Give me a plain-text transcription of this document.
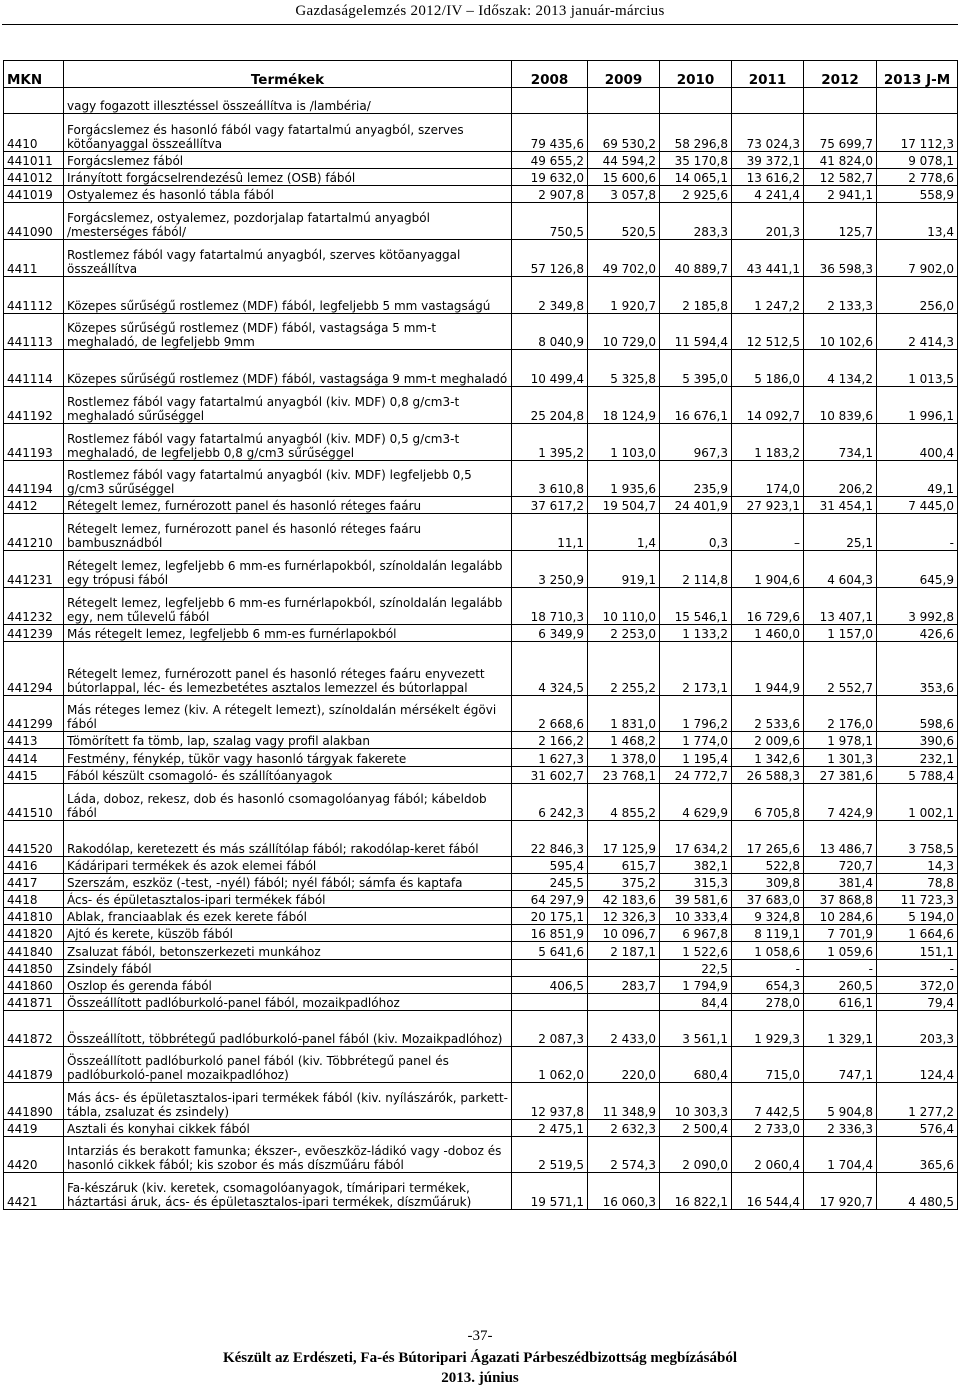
Gazdaságelemzés 2012/IV – Időszak: 2013 január-március
MKN	Termékek	2008	2009	2010	2011	2012	2013 J-M
	vagy fogazott illesztéssel összeállítva is /lambéria/						
4410	Forgácslemez és hasonló fából vagy fatartalmú anyagból, szerves kötőanyaggal összeállítva	79 435,6	69 530,2	58 296,8	73 024,3	75 699,7	17 112,3
441011	Forgácslemez fából	49 655,2	44 594,2	35 170,8	39 372,1	41 824,0	9 078,1
441012	Irányított forgácselrendezésû lemez (OSB) fából	19 632,0	15 600,6	14 065,1	13 616,2	12 582,7	2 778,6
441019	Ostyalemez és hasonló tábla fából	2 907,8	3 057,8	2 925,6	4 241,4	2 941,1	558,9
441090	Forgácslemez, ostyalemez, pozdorjalap fatartalmú anyagból /mesterséges fából/	750,5	520,5	283,3	201,3	125,7	13,4
4411	Rostlemez fából vagy fatartalmú anyagból, szerves kötõanyaggal összeállítva	57 126,8	49 702,0	40 889,7	43 441,1	36 598,3	7 902,0
441112	Közepes sűrűségű rostlemez (MDF) fából, legfeljebb 5 mm vastagságú	2 349,8	1 920,7	2 185,8	1 247,2	2 133,3	256,0
441113	Közepes sűrűségű rostlemez (MDF) fából, vastagsága 5 mm-t meghaladó, de legfeljebb 9mm	8 040,9	10 729,0	11 594,4	12 512,5	10 102,6	2 414,3
441114	Közepes sűrűségű rostlemez (MDF) fából, vastagsága 9 mm-t meghaladó	10 499,4	5 325,8	5 395,0	5 186,0	4 134,2	1 013,5
441192	Rostlemez fából vagy fatartalmú anyagból (kiv. MDF) 0,8 g/cm3-t meghaladó sűrűséggel	25 204,8	18 124,9	16 676,1	14 092,7	10 839,6	1 996,1
441193	Rostlemez fából vagy fatartalmú anyagból (kiv. MDF) 0,5 g/cm3-t meghaladó, de legfeljebb 0,8 g/cm3 sűrűséggel	1 395,2	1 103,0	967,3	1 183,2	734,1	400,4
441194	Rostlemez fából vagy fatartalmú anyagból (kiv. MDF) legfeljebb 0,5 g/cm3 sűrűséggel	3 610,8	1 935,6	235,9	174,0	206,2	49,1
4412	Rétegelt lemez, furnérozott panel és hasonló réteges faáru	37 617,2	19 504,7	24 401,9	27 923,1	31 454,1	7 445,0
441210	Rétegelt lemez, furnérozott panel és hasonló réteges faáru bambusznádból	11,1	1,4	0,3	–	25,1	-
441231	Rétegelt lemez, legfeljebb 6 mm-es furnérlapokból, színoldalán legalább egy trópusi fából	3 250,9	919,1	2 114,8	1 904,6	4 604,3	645,9
441232	Rétegelt lemez, legfeljebb 6 mm-es furnérlapokból, színoldalán legalább egy, nem tűlevelű fából	18 710,3	10 110,0	15 546,1	16 729,6	13 407,1	3 992,8
441239	Más rétegelt lemez, legfeljebb 6 mm-es furnérlapokból	6 349,9	2 253,0	1 133,2	1 460,0	1 157,0	426,6
441294	Rétegelt lemez, furnérozott panel és hasonló réteges faáru enyvezett bútorlappal, léc- és lemezbetétes asztalos lemezzel és bútorlappal	4 324,5	2 255,2	2 173,1	1 944,9	2 552,7	353,6
441299	Más réteges lemez (kiv. A rétegelt lemezt), színoldalán mérsékelt égövi fából	2 668,6	1 831,0	1 796,2	2 533,6	2 176,0	598,6
4413	Tömörített fa tömb, lap, szalag vagy profil alakban	2 166,2	1 468,2	1 774,0	2 009,6	1 978,1	390,6
4414	Festmény, fénykép, tükör vagy hasonló tárgyak fakerete	1 627,3	1 378,0	1 195,4	1 342,6	1 301,3	232,1
4415	Fából készült csomagoló- és szállítóanyagok	31 602,7	23 768,1	24 772,7	26 588,3	27 381,6	5 788,4
441510	Láda, doboz, rekesz, dob és hasonló csomagolóanyag fából; kábeldob fából	6 242,3	4 855,2	4 629,9	6 705,8	7 424,9	1 002,1
441520	Rakodólap, keretezett és más szállítólap fából; rakodólap-keret fából	22 846,3	17 125,9	17 634,2	17 265,6	13 486,7	3 758,5
4416	Kádáripari termékek és azok elemei fából	595,4	615,7	382,1	522,8	720,7	14,3
4417	Szerszám, eszköz (-test, -nyél) fából; nyél fából; sámfa és kaptafa	245,5	375,2	315,3	309,8	381,4	78,8
4418	Ács- és épületasztalos-ipari termékek fából	64 297,9	42 183,6	39 581,6	37 683,0	37 868,8	11 723,3
441810	Ablak, franciaablak és ezek kerete fából	20 175,1	12 326,3	10 333,4	9 324,8	10 284,6	5 194,0
441820	Ajtó és kerete, küszöb fából	16 851,9	10 096,7	6 967,8	8 119,1	7 701,9	1 664,6
441840	Zsaluzat fából, betonszerkezeti munkához	5 641,6	2 187,1	1 522,6	1 058,6	1 059,6	151,1
441850	Zsindely fából			22,5	-	-	-
441860	Oszlop és gerenda fából	406,5	283,7	1 794,9	654,3	260,5	372,0
441871	Összeállított padlóburkoló-panel fából, mozaikpadlóhoz			84,4	278,0	616,1	79,4
441872	Összeállított, többrétegű padlóburkoló-panel fából (kiv. Mozaikpadlóhoz)	2 087,3	2 433,0	3 561,1	1 929,3	1 329,1	203,3
441879	Összeállított padlóburkoló panel fából (kiv. Többrétegű panel és padlóburkoló-panel mozaikpadlóhoz)	1 062,0	220,0	680,4	715,0	747,1	124,4
441890	Más ács- és épületasztalos-ipari termékek fából (kiv. nyílászárók, parkett-tábla, zsaluzat és zsindely)	12 937,8	11 348,9	10 303,3	7 442,5	5 904,8	1 277,2
4419	Asztali és konyhai cikkek fából	2 475,1	2 632,3	2 500,4	2 733,0	2 336,3	576,4
4420	Intarziás és berakott famunka; ékszer-, evõeszköz-ládikó vagy -doboz és hasonló cikkek fából; kis szobor és más díszműáru fából	2 519,5	2 574,3	2 090,0	2 060,4	1 704,4	365,6
4421	Fa-készáruk (kiv. keretek, csomagolóanyagok, tímáripari termékek, háztartási áruk, ács- és épületasztalos-ipari termékek, díszműáruk)	19 571,1	16 060,3	16 822,1	16 544,4	17 920,7	4 480,5
-37-
Készült az Erdészeti, Fa-és Bútoripari Ágazati Párbeszédbizottság megbízásából
2013. június
